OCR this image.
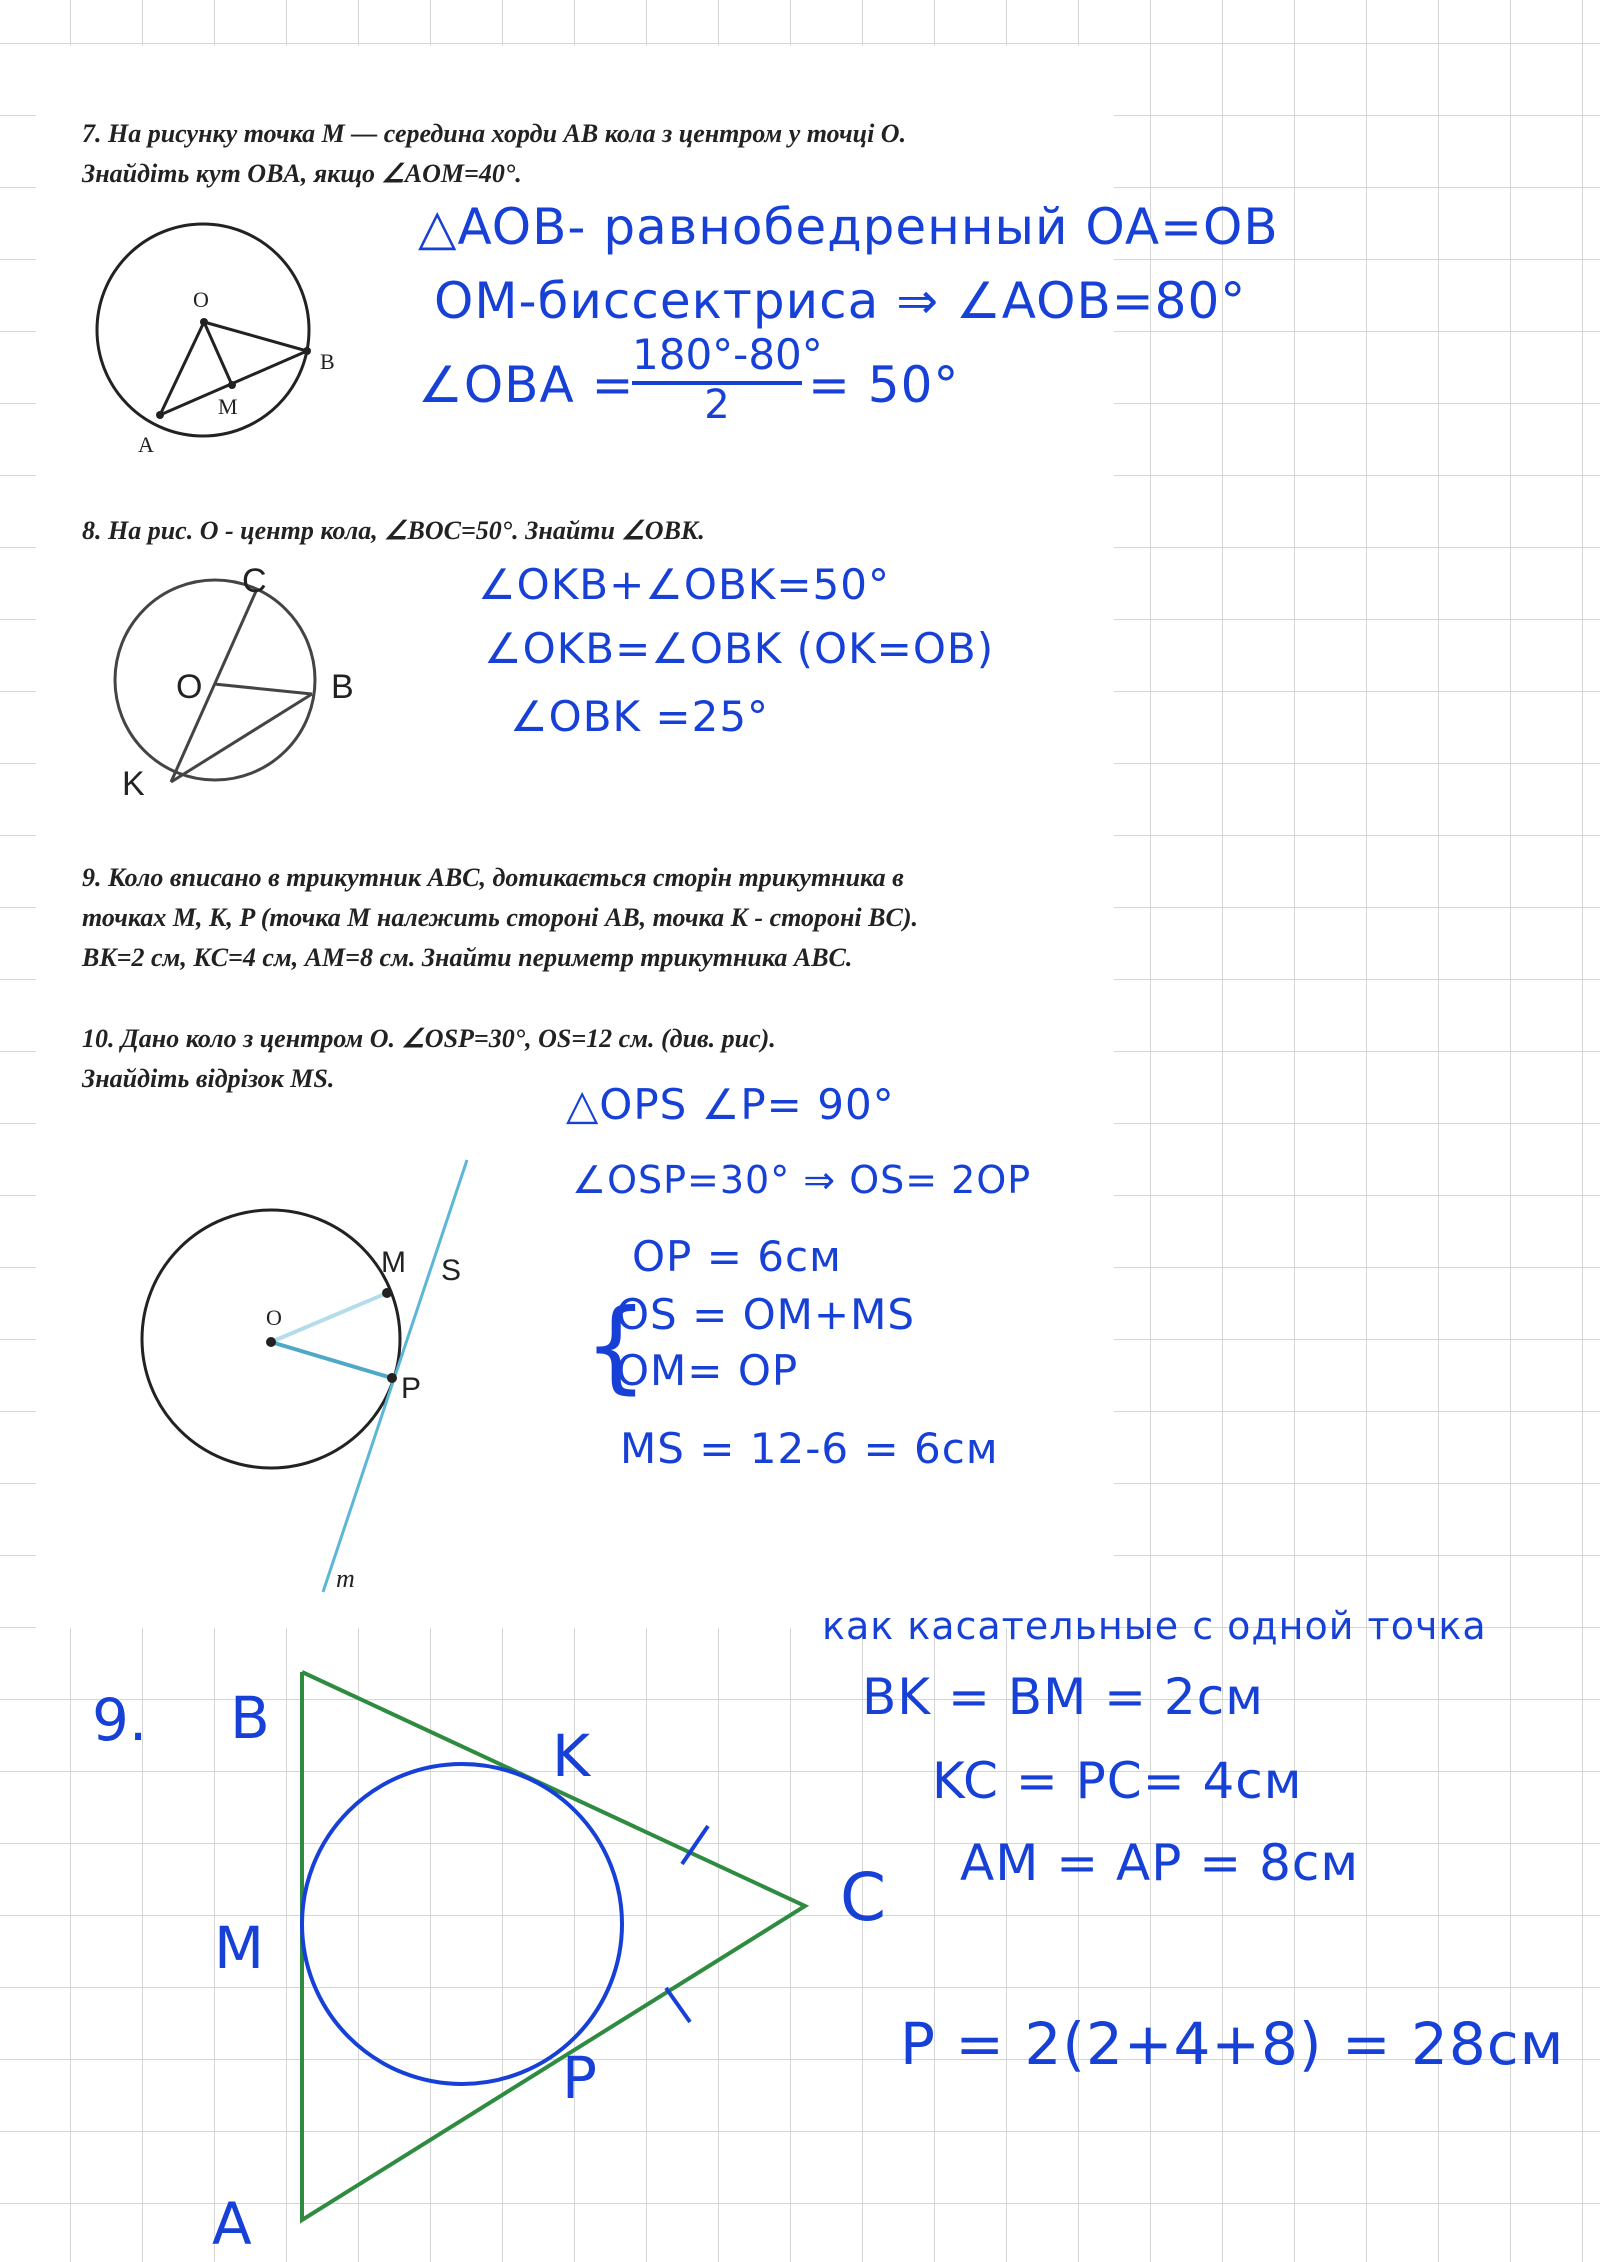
7. На рисунку точка M — середина хорди AB кола з центром у точці O.
Знайдіть кут OBA, якщо ∠AOM=40°.

8. На рис. O - центр кола, ∠BOC=50°. Знайти ∠OBK.

9. Коло вписано в трикутник ABC, дотикається сторін трикутника в
точках M, K, P (точка M належить стороні AB, точка K - стороні BC).
BK=2 см, KC=4 см, AM=8 см. Знайти периметр трикутника ABC.

10. Дано коло з центром O. ∠OSP=30°, OS=12 см. (див. рис).
Знайдіть відрізок MS.

O
B
M
A
C
O	B
K
O
M S
P
m
9. B
A
C
M
K
P

△AOB- равнобедренный OA=OB

OM-биссектриса ⇒ ∠AOB=80°

∠OBA =

$\frac{180^\circ-80^\circ}{2} = 50^\circ$

∠OKB+∠OBK=50°

∠OKB=∠OBK (OK=OB)

∠OBK =25°

△OPS ∠P= 90°

∠OSP=30° ⇒ OS= 2OP

OP = 6см

{

OS = OM+MS

OM= OP

MS = 12-6 = 6см

как касательные с одной точка

BK = BM = 2см

KC = PC= 4см

AM = AP = 8см

P = 2(2+4+8) = 28см
